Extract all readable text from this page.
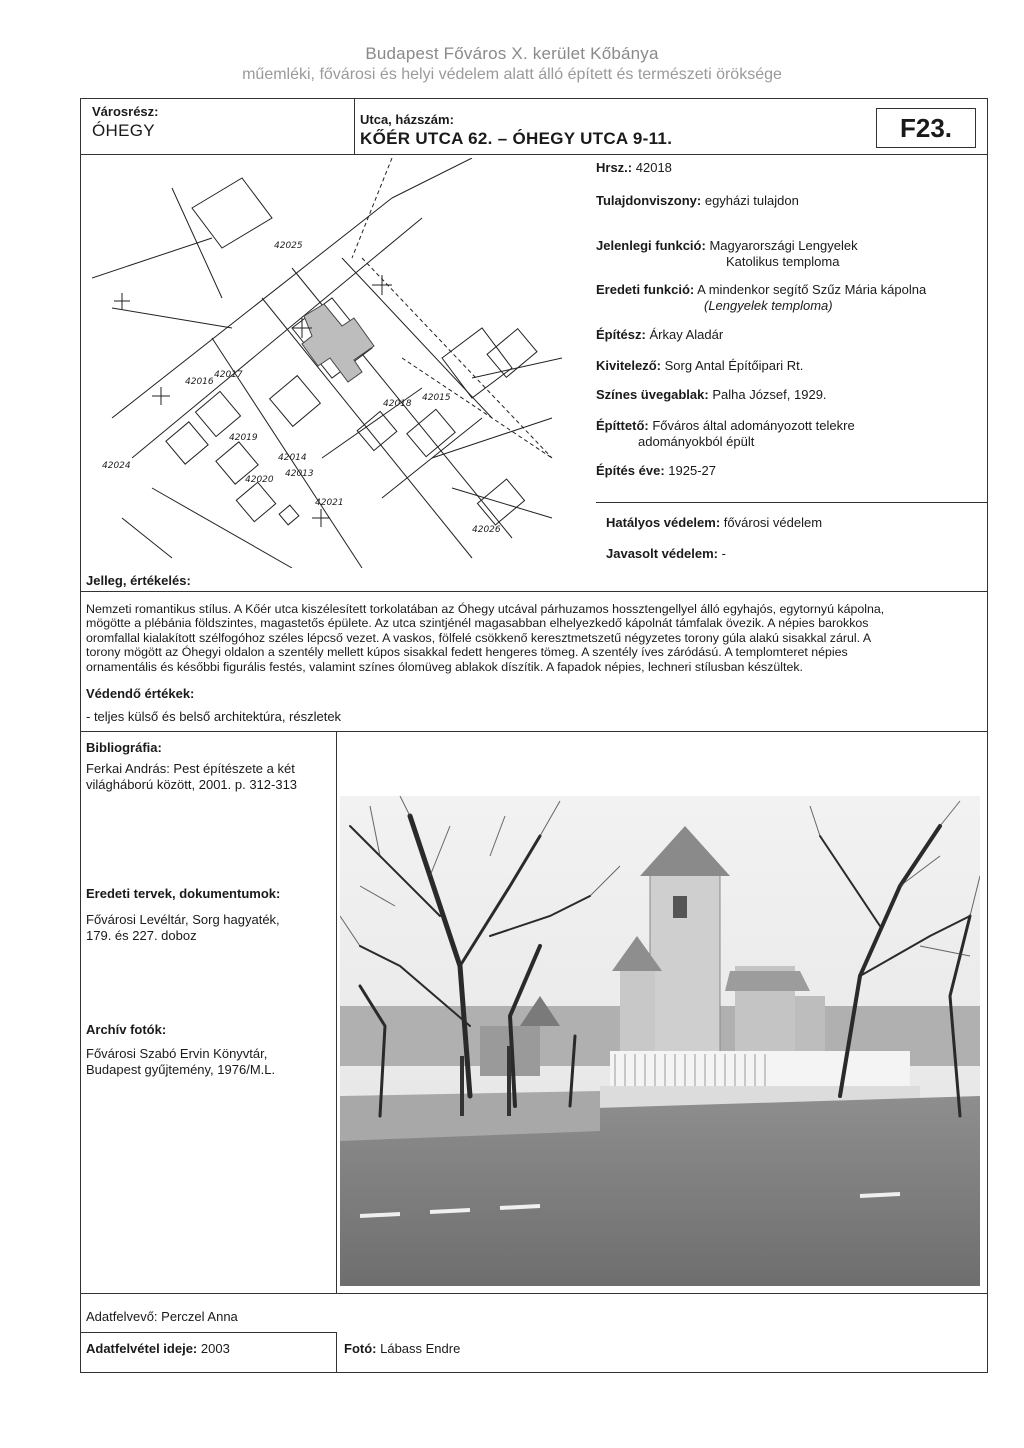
Budapest Főváros X. kerület Kőbánya
műemléki, fővárosi és helyi védelem alatt álló épített és természeti öröksége
Városrész:
ÓHEGY
Utca, házszám:
KŐÉR UTCA 62. – ÓHEGY UTCA 9-11.	F23.
42018
42017
42019
42020
42021
42016
42013
42014
42015
42026
42025
42024
Hrsz.: 42018
Tulajdonviszony: egyházi tulajdon
Jelenlegi funkció: Magyarországi Lengyelek
Katolikus temploma
Eredeti funkció: A mindenkor segítő Szűz Mária kápolna
(Lengyelek temploma)
Építész: Árkay Aladár
Kivitelező: Sorg Antal Építőipari Rt.
Színes üvegablak: Palha József, 1929.
Építtető: Főváros által adományozott telekre
adományokból épült
Építés éve: 1925-27
Hatályos védelem: fővárosi védelem
Javasolt védelem: -
Jelleg, értékelés:
Nemzeti romantikus stílus. A Kőér utca kiszélesített torkolatában az Óhegy utcával párhuzamos hossztengellyel álló egyhajós, egytornyú kápolna,
mögötte a plébánia földszintes, magastetős épülete. Az utca szintjénél magasabban elhelyezkedő kápolnát támfalak övezik. A népies barokkos
oromfallal kialakított szélfogóhoz széles lépcső vezet. A vaskos, fölfelé csökkenő keresztmetszetű négyzetes torony gúla alakú sisakkal zárul. A
torony mögött az Óhegyi oldalon a szentély mellett kúpos sisakkal fedett hengeres tömeg. A szentély íves záródású. A templomteret népies
ornamentális és későbbi figurális festés, valamint színes ólomüveg ablakok díszítik. A fapadok népies, lechneri stílusban készültek.
Védendő értékek:
- teljes külső és belső architektúra, részletek
Bibliográfia:
Ferkai András: Pest építészete a két
világháború között, 2001. p. 312-313
Eredeti tervek, dokumentumok:
Fővárosi Levéltár, Sorg hagyaték,
179. és 227. doboz
Archív fotók:
Fővárosi Szabó Ervin Könyvtár,
Budapest gyűjtemény, 1976/M.L.
Adatfelvevő: Perczel Anna
Adatfelvétel ideje: 2003	Fotó: Lábass Endre
